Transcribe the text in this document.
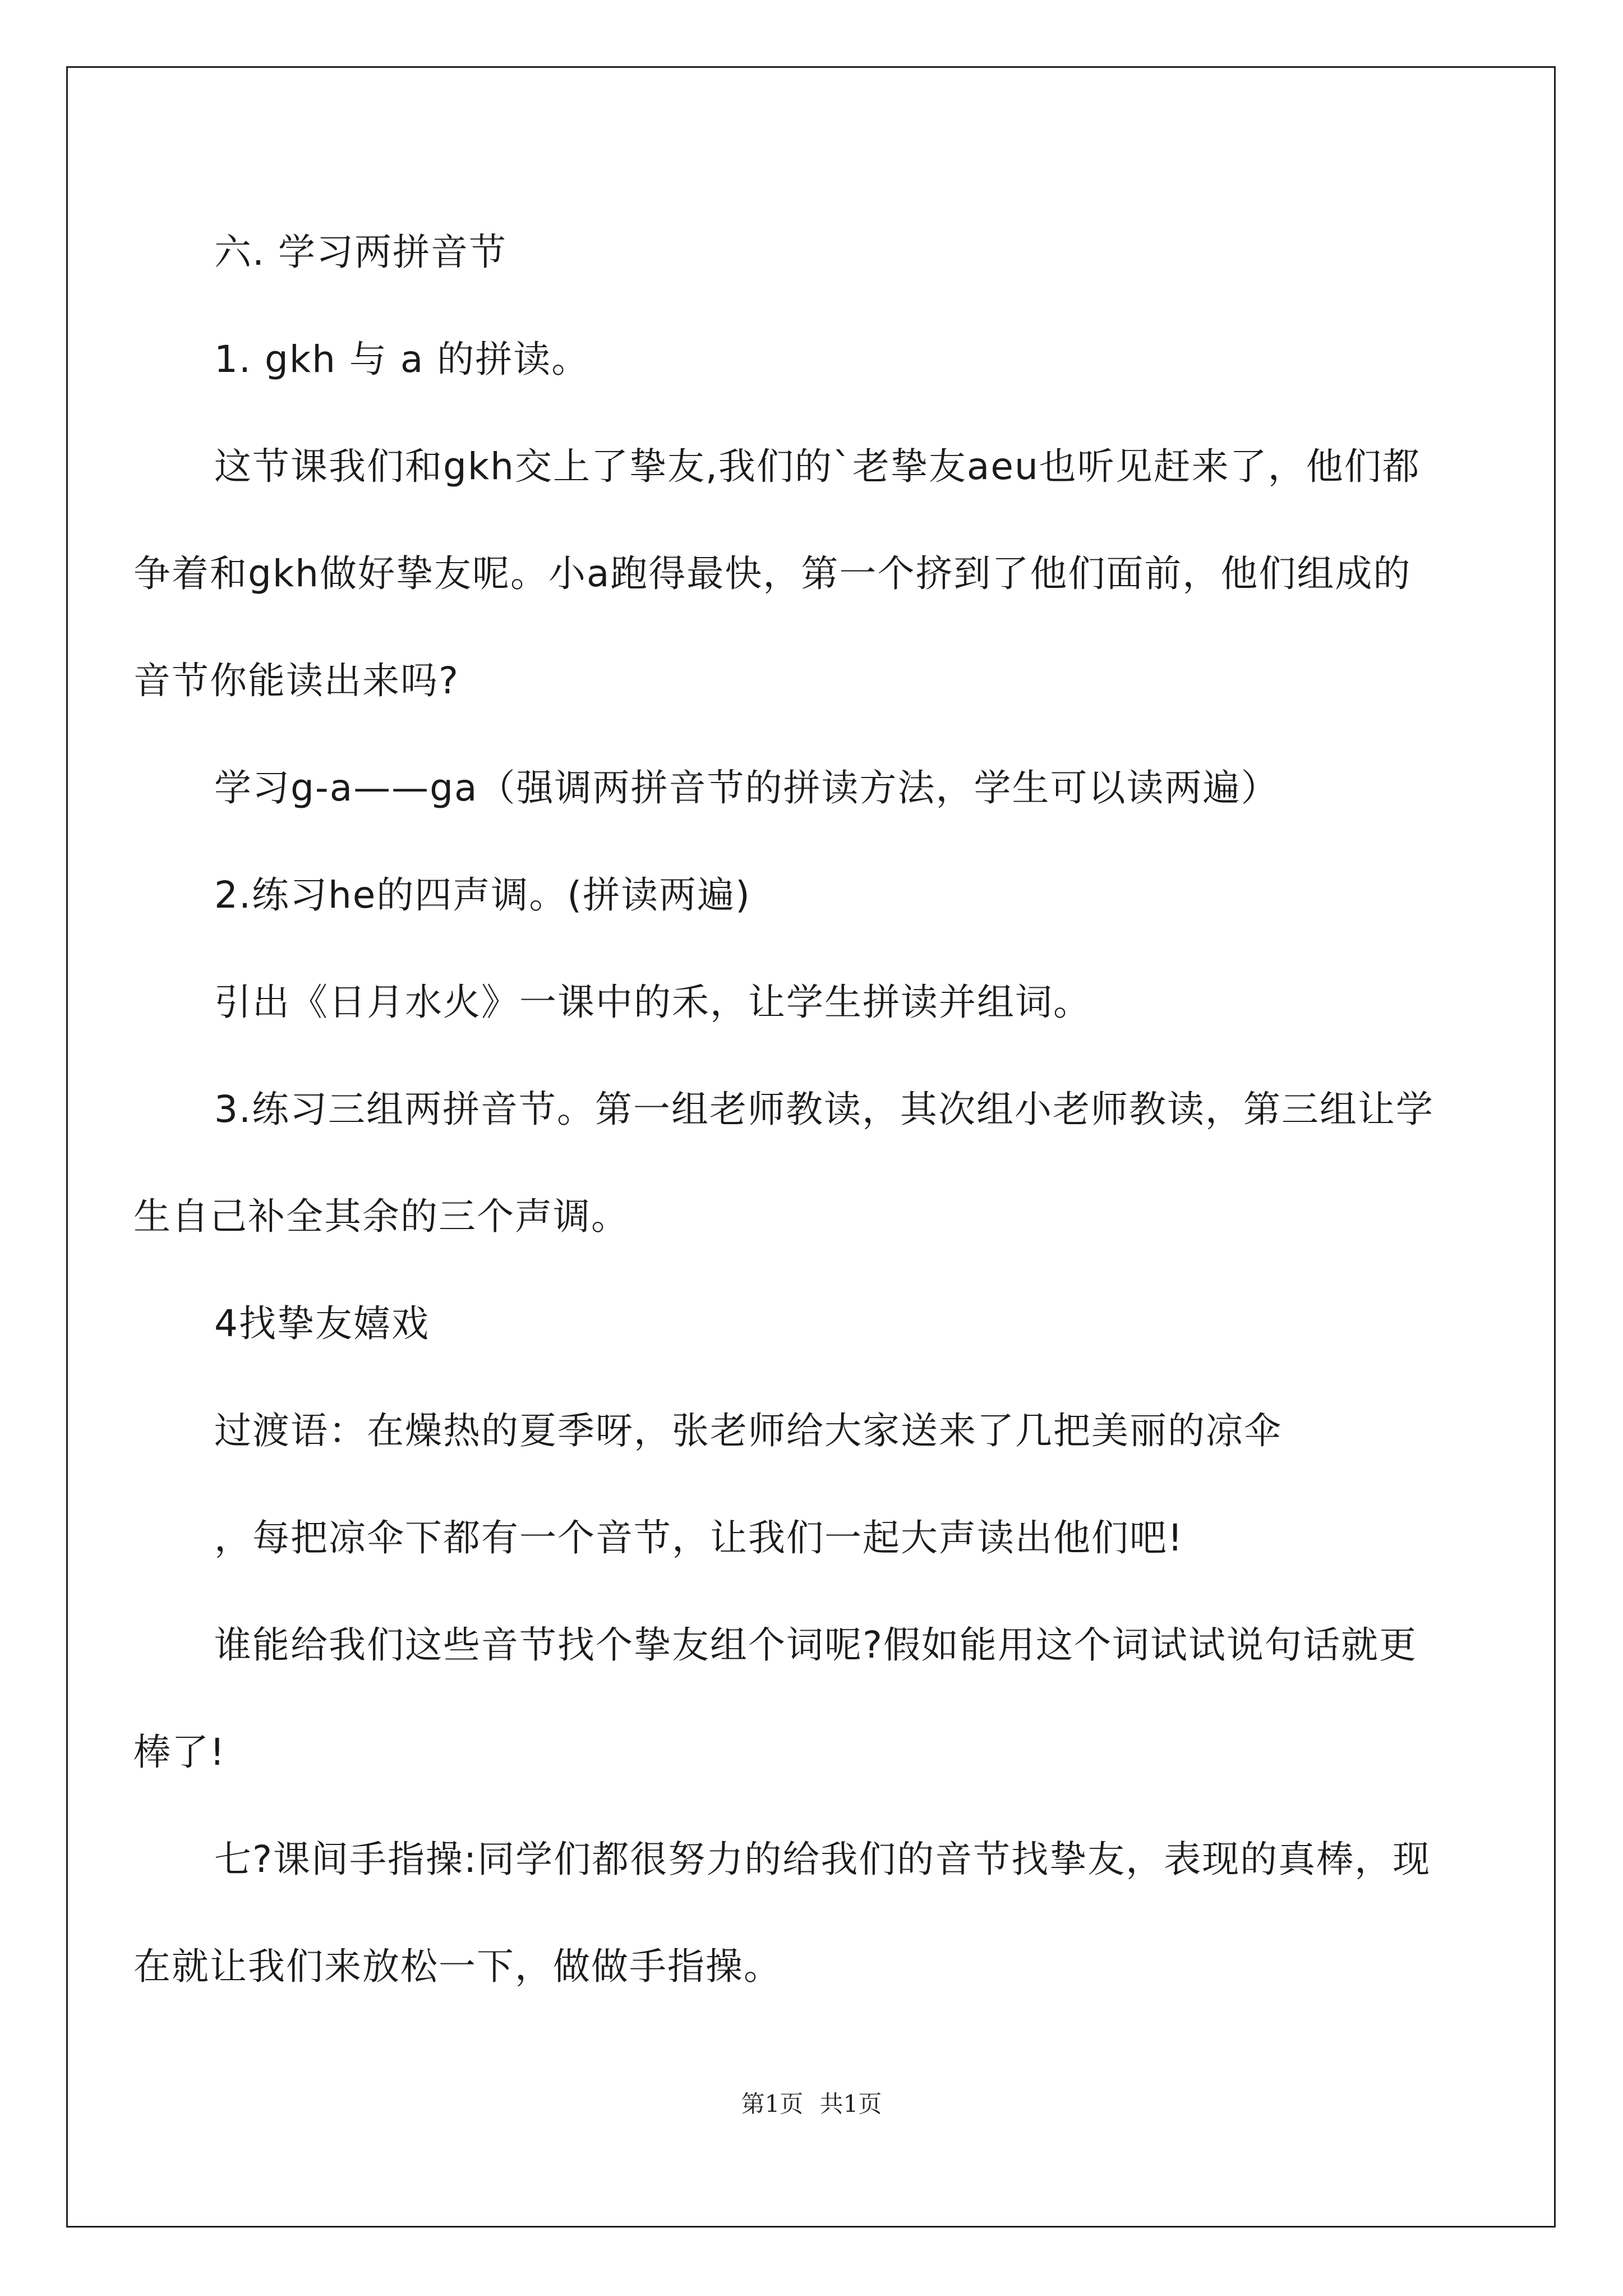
六. 学习两拼音节

1. gkh 与 a 的拼读。

这节课我们和gkh交上了挚友,我们的`老挚友aeu也听见赶来了，他们都争着和gkh做好挚友呢。小a跑得最快，第一个挤到了他们面前，他们组成的音节你能读出来吗?

学习g-a——ga（强调两拼音节的拼读方法，学生可以读两遍）

2.练习he的四声调。(拼读两遍)

引出《日月水火》一课中的禾，让学生拼读并组词。

3.练习三组两拼音节。第一组老师教读，其次组小老师教读，第三组让学生自己补全其余的三个声调。

4找挚友嬉戏

过渡语：在燥热的夏季呀，张老师给大家送来了几把美丽的凉伞

，每把凉伞下都有一个音节，让我们一起大声读出他们吧!

谁能给我们这些音节找个挚友组个词呢?假如能用这个词试试说句话就更棒了!

七?课间手指操:同学们都很努力的给我们的音节找挚友，表现的真棒，现在就让我们来放松一下，做做手指操。

第1页 共1页
